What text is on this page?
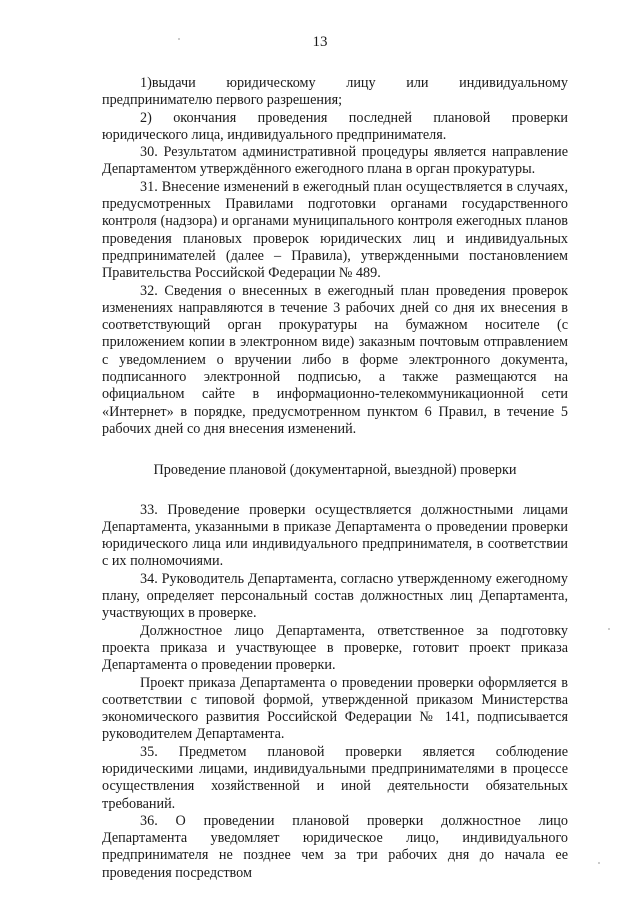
13

1)выдачи юридическому лицу или индивидуальному предпринимателю первого разрешения;

2) окончания проведения последней плановой проверки юридического лица, индивидуального предпринимателя.

30. Результатом административной процедуры является направление Департаментом утверждённого ежегодного плана в орган прокуратуры.

31. Внесение изменений в ежегодный план осуществляется в случаях, предусмотренных Правилами подготовки органами государственного контроля (надзора) и органами муниципального контроля ежегодных планов проведения плановых проверок юридических лиц и индивидуальных предпринимателей (далее – Правила), утвержденными постановлением Правительства Российской Федерации № 489.

32. Сведения о внесенных в ежегодный план проведения проверок изменениях направляются в течение 3 рабочих дней со дня их внесения в соответствующий орган прокуратуры на бумажном носителе (с приложением копии в электронном виде) заказным почтовым отправлением с уведомлением о вручении либо в форме электронного документа, подписанного электронной подписью, а также размещаются на официальном сайте в информационно-телекоммуникационной сети «Интернет» в порядке, предусмотренном пунктом 6 Правил, в течение 5 рабочих дней со дня внесения изменений.

Проведение плановой (документарной, выездной) проверки

33. Проведение проверки осуществляется должностными лицами Департамента, указанными в приказе Департамента о проведении проверки юридического лица или индивидуального предпринимателя, в соответствии с их полномочиями.

34. Руководитель Департамента, согласно утвержденному ежегодному плану, определяет персональный состав должностных лиц Департамента, участвующих в проверке.

Должностное лицо Департамента, ответственное за подготовку проекта приказа и участвующее в проверке, готовит проект приказа Департамента о проведении проверки.

Проект приказа Департамента о проведении проверки оформляется в соответствии с типовой формой, утвержденной приказом Министерства экономического развития Российской Федерации № 141, подписывается руководителем Департамента.

35. Предметом плановой проверки является соблюдение юридическими лицами, индивидуальными предпринимателями в процессе осуществления хозяйственной и иной деятельности обязательных требований.

36. О проведении плановой проверки должностное лицо Департамента уведомляет юридическое лицо, индивидуального предпринимателя не позднее чем за три рабочих дня до начала ее проведения посредством
